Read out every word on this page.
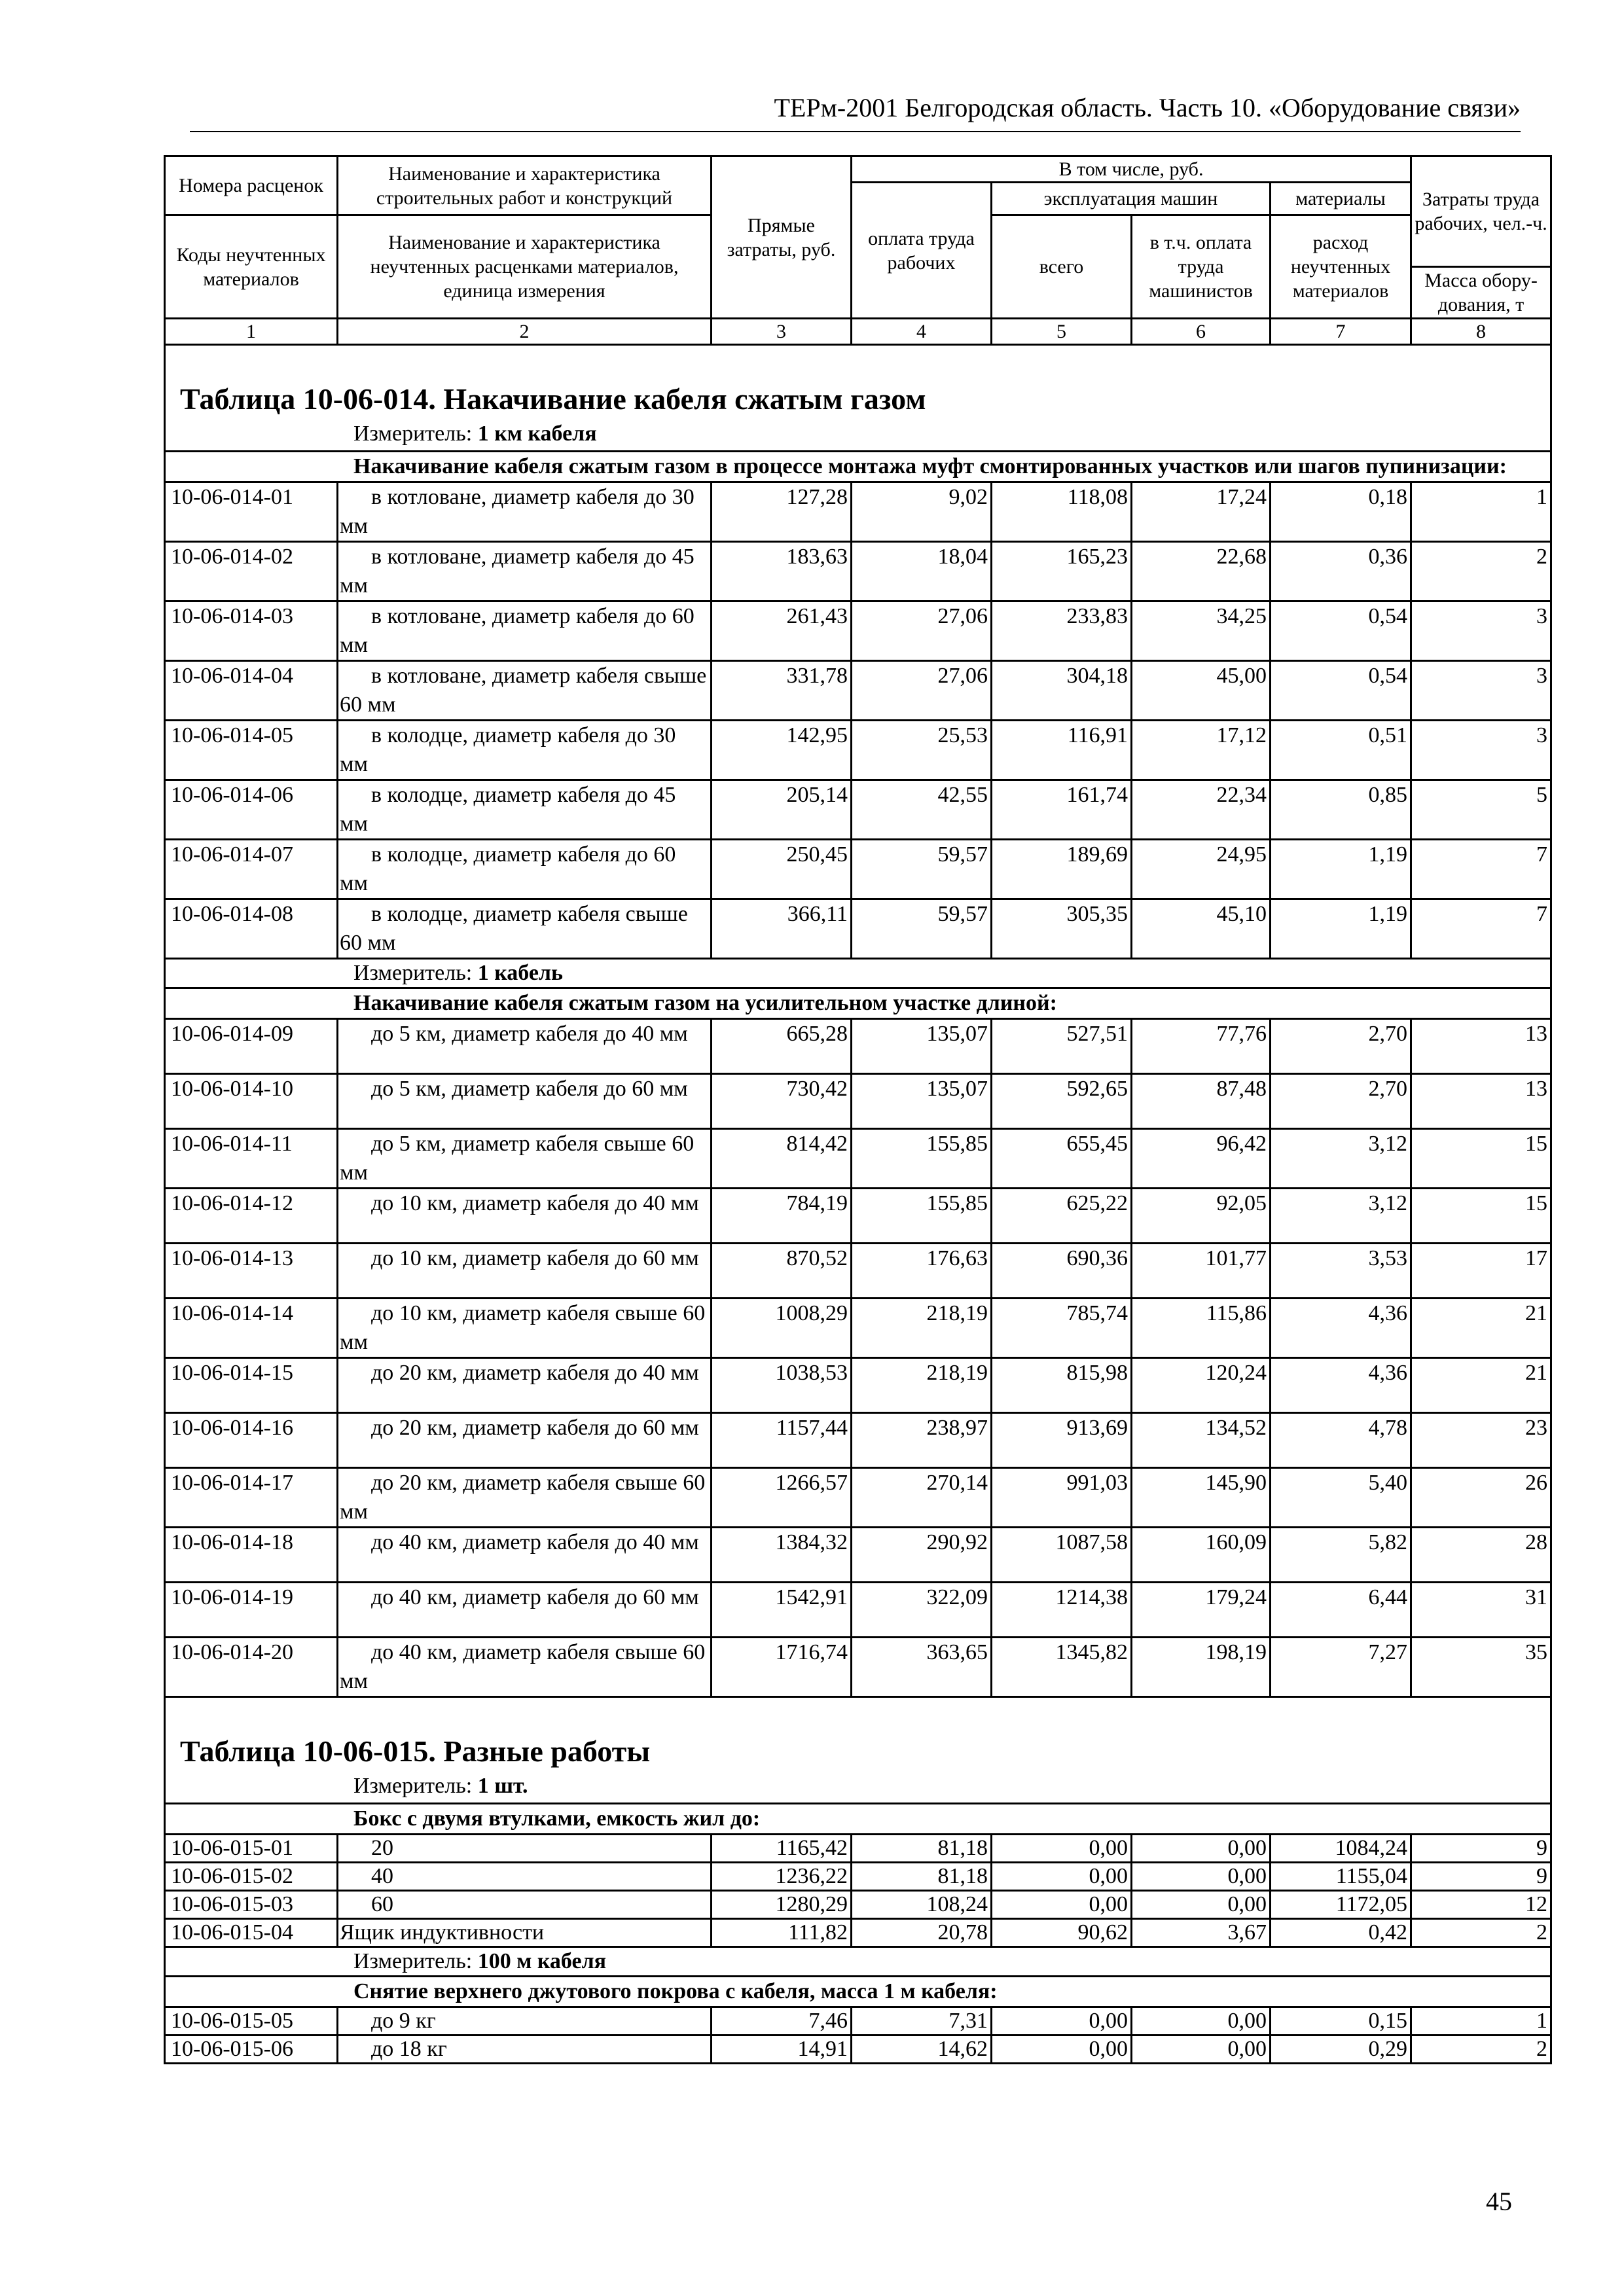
ТЕРм-2001 Белгородская область. Часть 10. «Оборудование связи»
Номера расценок	Наименование и характеристика строительных работ и конструкций	Прямые затраты, руб.	В том числе, руб.				Затраты труда рабочих, чел.-ч.
			оплата труда рабочих	эксплуатация машин		материалы	
Коды неучтенных материалов	Наименование и характеристика неучтенных расценками материалов, единица измерения			всего	в т.ч. оплата труда машинистов	расход неучтенных материалов	
							Масса обору-дования, т
1	2	3	4	5	6	7	8
Таблица 10-06-014. Накачивание кабеля сжатым газом							
Измеритель: 1 км кабеля							
Накачивание кабеля сжатым газом в процессе монтажа муфт смонтированных участков или шагов пупинизации:							
10-06-014-01	в котловане, диаметр кабеля до 30 мм	127,28	9,02	118,08	17,24	0,18	1
10-06-014-02	в котловане, диаметр кабеля до 45 мм	183,63	18,04	165,23	22,68	0,36	2
10-06-014-03	в котловане, диаметр кабеля до 60 мм	261,43	27,06	233,83	34,25	0,54	3
10-06-014-04	в котловане, диаметр кабеля свыше 60 мм	331,78	27,06	304,18	45,00	0,54	3
10-06-014-05	в колодце, диаметр кабеля до 30 мм	142,95	25,53	116,91	17,12	0,51	3
10-06-014-06	в колодце, диаметр кабеля до 45 мм	205,14	42,55	161,74	22,34	0,85	5
10-06-014-07	в колодце, диаметр кабеля до 60 мм	250,45	59,57	189,69	24,95	1,19	7
10-06-014-08	в колодце, диаметр кабеля свыше 60 мм	366,11	59,57	305,35	45,10	1,19	7
Измеритель: 1 кабель							
Накачивание кабеля сжатым газом на усилительном участке длиной:							
10-06-014-09	до 5 км, диаметр кабеля до 40 мм	665,28	135,07	527,51	77,76	2,70	13
10-06-014-10	до 5 км, диаметр кабеля до 60 мм	730,42	135,07	592,65	87,48	2,70	13
10-06-014-11	до 5 км, диаметр кабеля свыше 60 мм	814,42	155,85	655,45	96,42	3,12	15
10-06-014-12	до 10 км, диаметр кабеля до 40 мм	784,19	155,85	625,22	92,05	3,12	15
10-06-014-13	до 10 км, диаметр кабеля до 60 мм	870,52	176,63	690,36	101,77	3,53	17
10-06-014-14	до 10 км, диаметр кабеля свыше 60 мм	1008,29	218,19	785,74	115,86	4,36	21
10-06-014-15	до 20 км, диаметр кабеля до 40 мм	1038,53	218,19	815,98	120,24	4,36	21
10-06-014-16	до 20 км, диаметр кабеля до 60 мм	1157,44	238,97	913,69	134,52	4,78	23
10-06-014-17	до 20 км, диаметр кабеля свыше 60 мм	1266,57	270,14	991,03	145,90	5,40	26
10-06-014-18	до 40 км, диаметр кабеля до 40 мм	1384,32	290,92	1087,58	160,09	5,82	28
10-06-014-19	до 40 км, диаметр кабеля до 60 мм	1542,91	322,09	1214,38	179,24	6,44	31
10-06-014-20	до 40 км, диаметр кабеля свыше 60 мм	1716,74	363,65	1345,82	198,19	7,27	35
Таблица 10-06-015. Разные работы							
Измеритель: 1 шт.							
Бокс с двумя втулками, емкость жил до:							
10-06-015-01	20	1165,42	81,18	0,00	0,00	1084,24	9
10-06-015-02	40	1236,22	81,18	0,00	0,00	1155,04	9
10-06-015-03	60	1280,29	108,24	0,00	0,00	1172,05	12
10-06-015-04	Ящик индуктивности	111,82	20,78	90,62	3,67	0,42	2
Измеритель: 100 м кабеля							
Снятие верхнего джутового покрова с кабеля, масса 1 м кабеля:							
10-06-015-05	до 9 кг	7,46	7,31	0,00	0,00	0,15	1
10-06-015-06	до 18 кг	14,91	14,62	0,00	0,00	0,29	2
45
